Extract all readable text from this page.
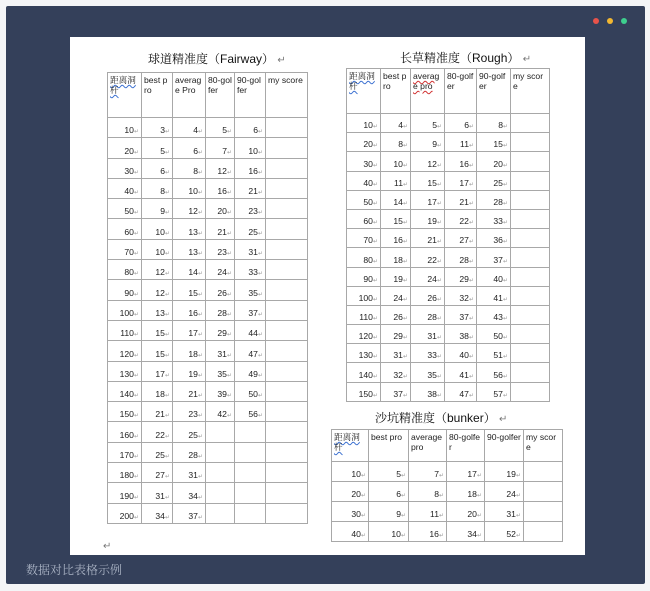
球道精准度（Fairway） ↵
距离洞杆	best pro	average Pro	80-golfer	90-golfer	my score
10↵	3↵	4↵	5↵	6↵	
20↵	5↵	6↵	7↵	10↵	
30↵	6↵	8↵	12↵	16↵	
40↵	8↵	10↵	16↵	21↵	
50↵	9↵	12↵	20↵	23↵	
60↵	10↵	13↵	21↵	25↵	
70↵	10↵	13↵	23↵	31↵	
80↵	12↵	14↵	24↵	33↵	
90↵	12↵	15↵	26↵	35↵	
100↵	13↵	16↵	28↵	37↵	
110↵	15↵	17↵	29↵	44↵	
120↵	15↵	18↵	31↵	47↵	
130↵	17↵	19↵	35↵	49↵	
140↵	18↵	21↵	39↵	50↵	
150↵	21↵	23↵	42↵	56↵	
160↵	22↵	25↵			
170↵	25↵	28↵			
180↵	27↵	31↵			
190↵	31↵	34↵			
200↵	34↵	37↵			
长草精准度（Rough） ↵
距离洞杆	best pro	average pro	80-golfer	90-golfer	my score
10↵	4↵	5↵	6↵	8↵	
20↵	8↵	9↵	11↵	15↵	
30↵	10↵	12↵	16↵	20↵	
40↵	11↵	15↵	17↵	25↵	
50↵	14↵	17↵	21↵	28↵	
60↵	15↵	19↵	22↵	33↵	
70↵	16↵	21↵	27↵	36↵	
80↵	18↵	22↵	28↵	37↵	
90↵	19↵	24↵	29↵	40↵	
100↵	24↵	26↵	32↵	41↵	
110↵	26↵	28↵	37↵	43↵	
120↵	29↵	31↵	38↵	50↵	
130↵	31↵	33↵	40↵	51↵	
140↵	32↵	35↵	41↵	56↵	
150↵	37↵	38↵	47↵	57↵	
沙坑精准度（bunker） ↵
距离洞杆	best pro	average pro	80-golfer	90-golfer	my score
10↵	5↵	7↵	17↵	19↵	
20↵	6↵	8↵	18↵	24↵	
30↵	9↵	11↵	20↵	31↵	
40↵	10↵	16↵	34↵	52↵	
↵
数据对比表格示例
